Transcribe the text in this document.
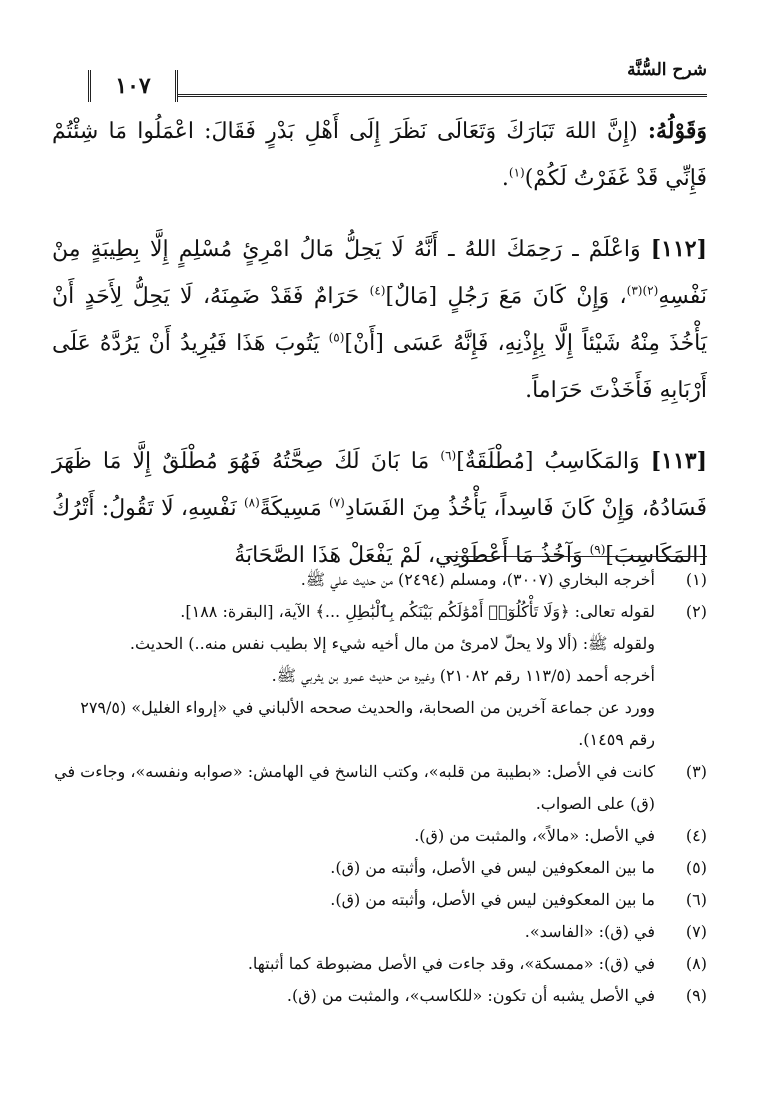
شرح السُّنَّة
١٠٧

وَقَوْلُهُ: (إِنَّ اللهَ تَبَارَكَ وَتَعَالَى نَظَرَ إِلَى أَهْلِ بَدْرٍ فَقَالَ: اعْمَلُوا مَا شِئْتُمْ فَإِنِّي قَدْ غَفَرْتُ لَكُمْ)$^{(١)}$.

[١١٢] وَاعْلَمْ ـ رَحِمَكَ اللهُ ـ أَنَّهُ لَا يَحِلُّ مَالُ امْرِئٍ مُسْلِمٍ إِلَّا بِطِيبَةٍ مِنْ نَفْسِهِ$^{(٢)(٣)}$، وَإِنْ كَانَ مَعَ رَجُلٍ [مَالٌ]$^{(٤)}$ حَرَامٌ فَقَدْ ضَمِنَهُ، لَا يَحِلُّ لِأَحَدٍ أَنْ يَأْخُذَ مِنْهُ شَيْئاً إِلَّا بِإِذْنِهِ، فَإِنَّهُ عَسَى [أَنْ]$^{(٥)}$ يَتُوبَ هَذَا فَيُرِيدُ أَنْ يَرُدَّهُ عَلَى أَرْبَابِهِ فَأَخَذْتَ حَرَاماً.

[١١٣] وَالمَكَاسِبُ [مُطْلَقَةٌ]$^{(٦)}$ مَا بَانَ لَكَ صِحَّتُهُ فَهُوَ مُطْلَقٌ إِلَّا مَا ظَهَرَ فَسَادُهُ، وَإِنْ كَانَ فَاسِداً، يَأْخُذُ مِنَ الفَسَادِ$^{(٧)}$ مَسِيكَةً$^{(٨)}$ نَفْسِهِ، لَا تَقُولُ: أَتْرُكُ [المَكَاسِبَ]$^{(٩)}$ وَآخُذُ مَا أَعْطَوْنِي، لَمْ يَفْعَلْ هَذَا الصَّحَابَةُ

(١)
أخرجه البخاري (٣٠٠٧)، ومسلم (٢٤٩٤) من حديث علي ﷺ.
(٢)
لقوله تعالى: ﴿وَلَا تَأْكُلُوٓا۟ أَمْوَٰلَكُم بَيْنَكُم بِٱلْبَٰطِلِ ...﴾ الآية، [البقرة: ١٨٨].
ولقوله ﷺ: (ألا ولا يحلّ لامرئ من مال أخيه شيء إلا بطيب نفس منه..) الحديث.
أخرجه أحمد (١١٣/٥ رقم ٢١٠٨٢) وغيره من حديث عمرو بن يثربي ﷺ.
وورد عن جماعة آخرين من الصحابة، والحديث صححه الألباني في «إرواء الغليل» (٢٧٩/٥ رقم ١٤٥٩).
(٣)
كانت في الأصل: «بطيبة من قلبه»، وكتب الناسخ في الهامش: «صوابه ونفسه»، وجاءت في (ق) على الصواب.
(٤)
في الأصل: «مالاً»، والمثبت من (ق).
(٥)
ما بين المعكوفين ليس في الأصل، وأثبته من (ق).
(٦)
ما بين المعكوفين ليس في الأصل، وأثبته من (ق).
(٧)
في (ق): «الفاسد».
(٨)
في (ق): «ممسكة»، وقد جاءت في الأصل مضبوطة كما أثبتها.
(٩)
في الأصل يشبه أن تكون: «للكاسب»، والمثبت من (ق).
